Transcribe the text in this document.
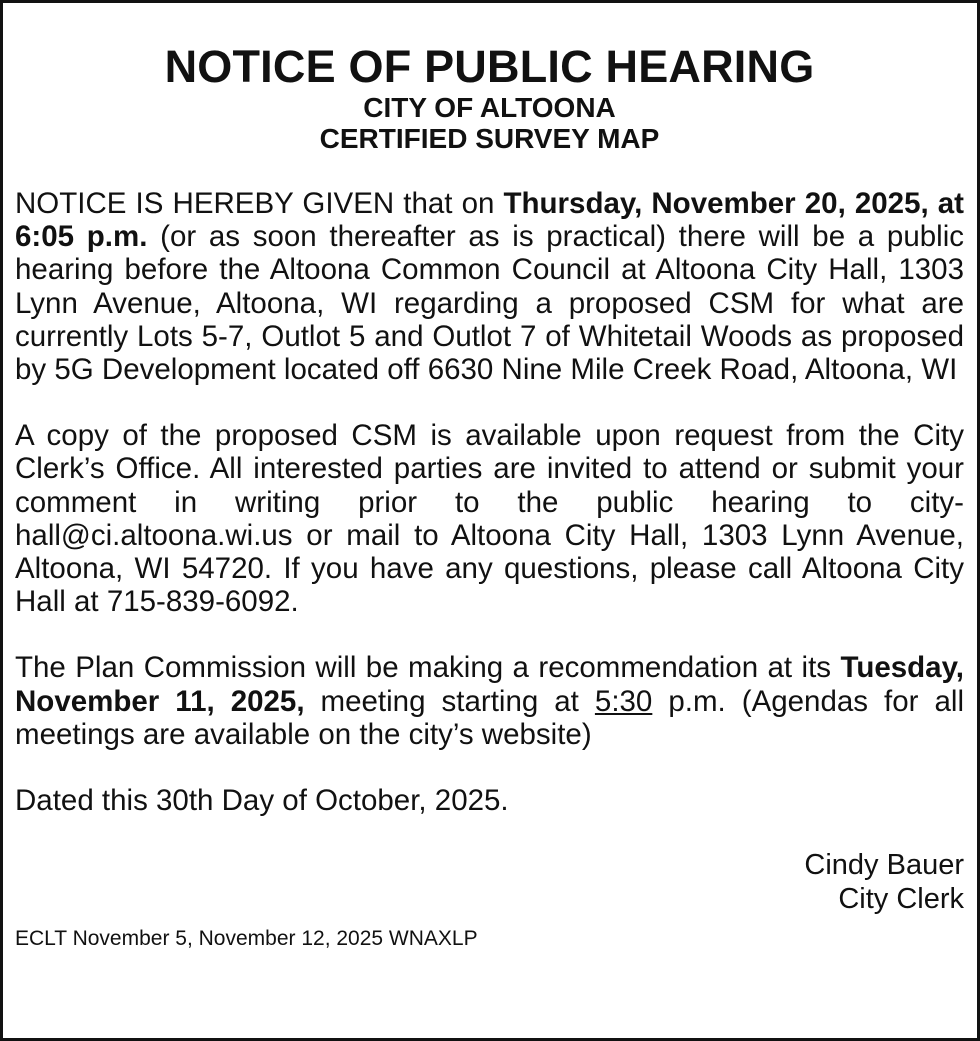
NOTICE OF PUBLIC HEARING
CITY OF ALTOONA
CERTIFIED SURVEY MAP

NOTICE IS HEREBY GIVEN that on Thursday, November 20, 2025, at 6:05 p.m. (or as soon thereafter as is practical) there will be a public hearing before the Altoona Common Council at Altoona City Hall, 1303 Lynn Avenue, Altoona, WI regarding a proposed CSM for what are currently Lots 5-7, Outlot 5 and Outlot 7 of Whitetail Woods as proposed by 5G Development located off 6630 Nine Mile Creek Road, Altoona, WI

A copy of the proposed CSM is available upon request from the City Clerk’s Office. All interested parties are invited to attend or submit your comment in writing prior to the public hearing to cityhall@ci.altoona.wi.us or mail to Altoona City Hall, 1303 Lynn Avenue, Altoona, WI 54720. If you have any questions, please call Altoona City Hall at 715-839-6092.

The Plan Commission will be making a recommendation at its Tuesday, November 11, 2025, meeting starting at 5:30 p.m. (Agendas for all meetings are available on the city’s website)

Dated this 30th Day of October, 2025.

Cindy Bauer
City Clerk
ECLT November 5, November 12, 2025 WNAXLP
